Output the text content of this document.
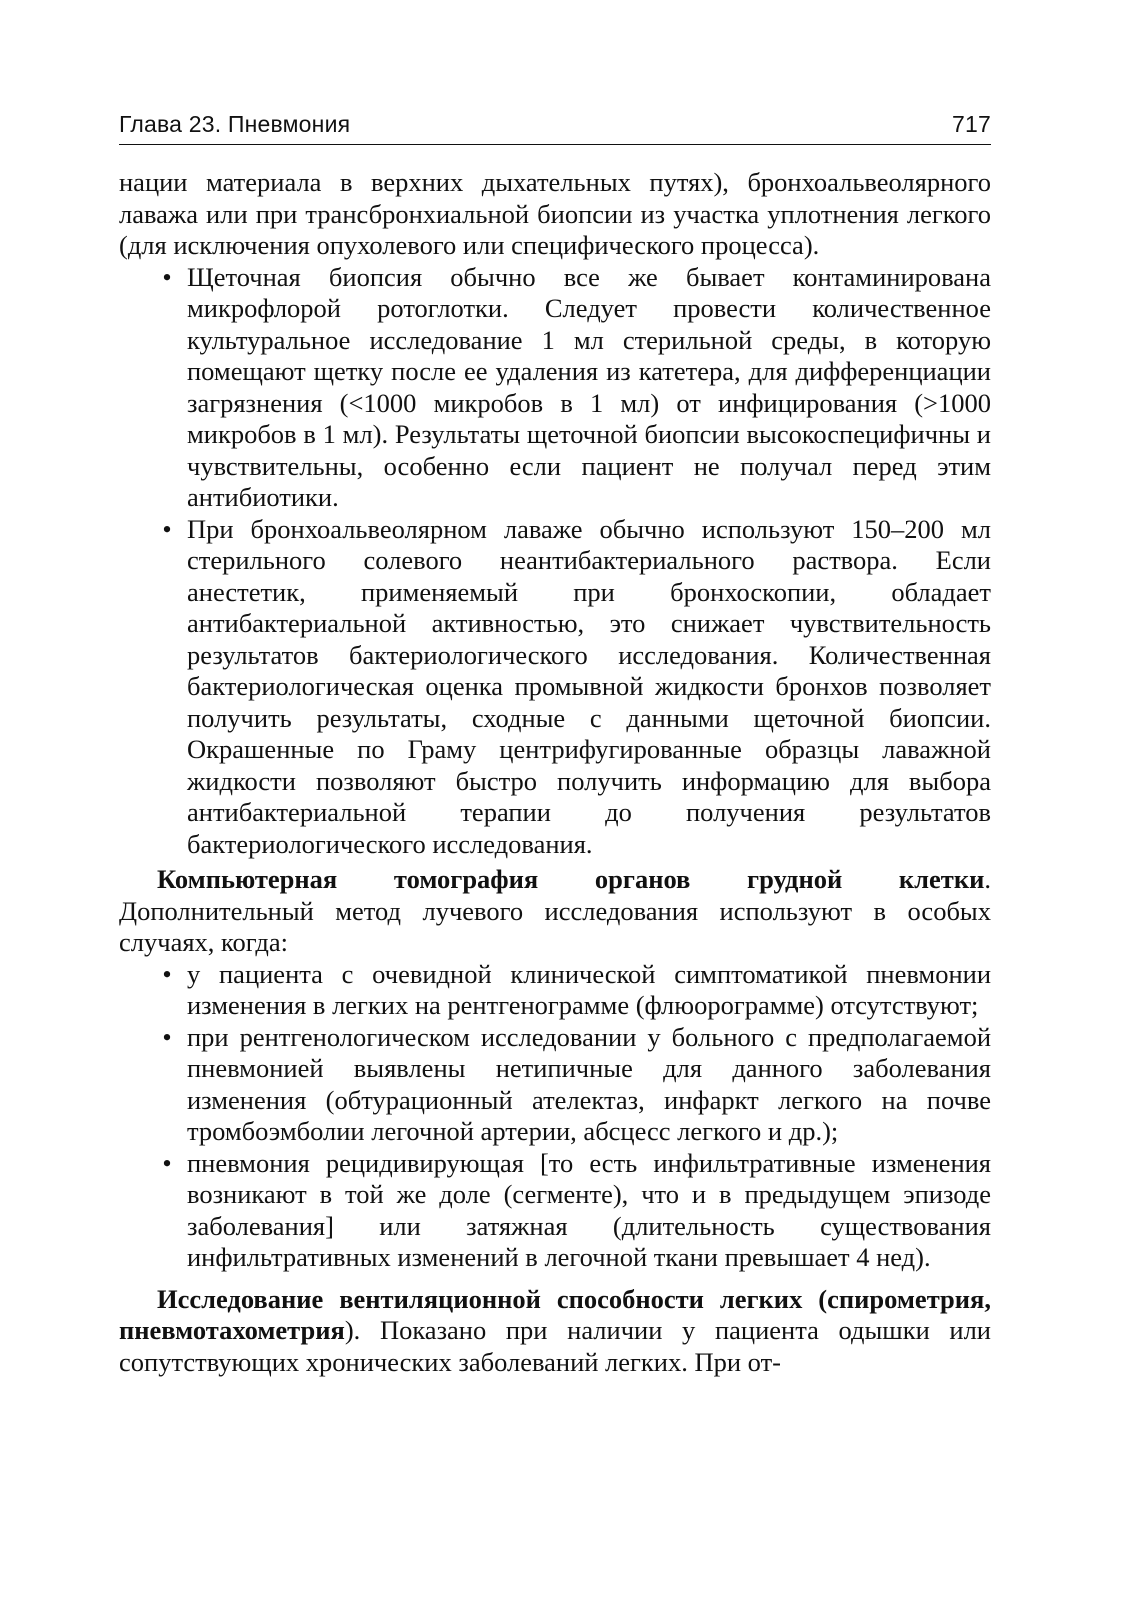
Глава 23. Пневмония	717

нации материала в верхних дыхательных путях), бронхоальвеолярного лаважа или при трансбронхиальной биопсии из участка уплотнения легкого (для исключения опухолевого или специфического процесса).

• Щеточная биопсия обычно все же бывает контаминирована микрофлорой ротоглотки. Следует провести количественное культуральное исследование 1 мл стерильной среды, в которую помещают щетку после ее удаления из катетера, для дифференциации загрязнения (<1000 микробов в 1 мл) от инфицирования (>1000 микробов в 1 мл). Результаты щеточной биопсии высокоспецифичны и чувствительны, особенно если пациент не получал перед этим антибиотики.
• При бронхоальвеолярном лаваже обычно используют 150–200 мл стерильного солевого неантибактериального раствора. Если анестетик, применяемый при бронхоскопии, обладает антибактериальной активностью, это снижает чувствительность результатов бактериологического исследования. Количественная бактериологическая оценка промывной жидкости бронхов позволяет получить результаты, сходные с данными щеточной биопсии. Окрашенные по Граму центрифугированные образцы лаважной жидкости позволяют быстро получить информацию для выбора антибактериальной терапии до получения результатов бактериологического исследования.

Компьютерная томография органов грудной клетки. Дополнительный метод лучевого исследования используют в особых случаях, когда:

• у пациента с очевидной клинической симптоматикой пневмонии изменения в легких на рентгенограмме (флюорограмме) отсутствуют;
• при рентгенологическом исследовании у больного с предполагаемой пневмонией выявлены нетипичные для данного заболевания изменения (обтурационный ателектаз, инфаркт легкого на почве тромбоэмболии легочной артерии, абсцесс легкого и др.);
• пневмония рецидивирующая [то есть инфильтративные изменения возникают в той же доле (сегменте), что и в предыдущем эпизоде заболевания] или затяжная (длительность существования инфильтративных изменений в легочной ткани превышает 4 нед).

Исследование вентиляционной способности легких (спирометрия, пневмотахометрия). Показано при наличии у пациента одышки или сопутствующих хронических заболеваний легких. При от-
